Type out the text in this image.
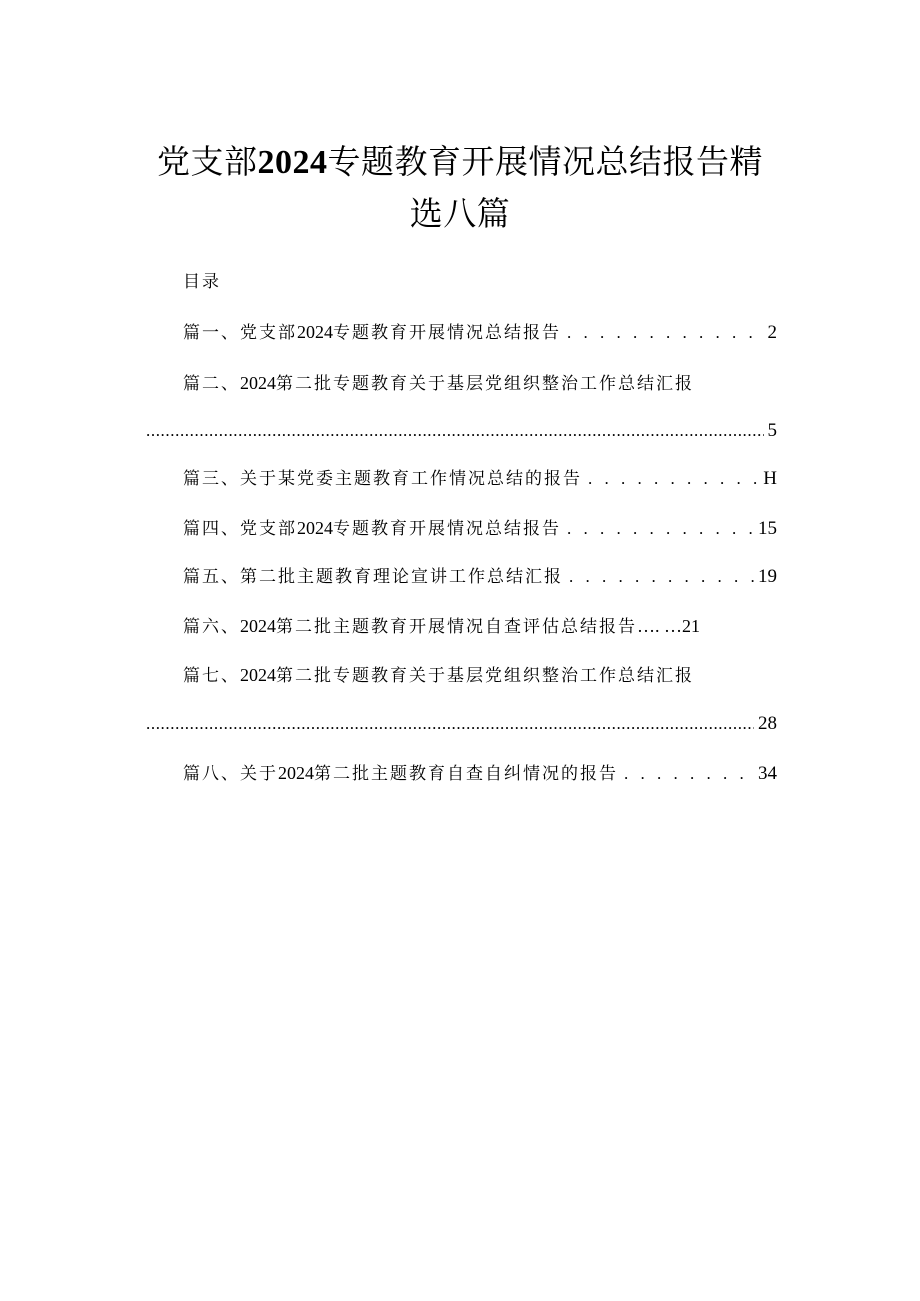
党支部2024专题教育开展情况总结报告精
选八篇
目录
篇一、党支部2024专题教育开展情况总结报告 . . .	2
篇二、2024第二批专题教育关于基层党组织整治工作总结汇报
.....
5
篇三、关于某党委主题教育工作情况总结的报告 . . .	H
篇四、党支部2024专题教育开展情况总结报告 . . .	15
篇五、第二批主题教育理论宣讲工作总结汇报 . . .	19
篇六、2024第二批主题教育开展情况自查评估总结报告…. …21
篇七、2024第二批专题教育关于基层党组织整治工作总结汇报
.....
28
篇八、关于2024第二批主题教育自查自纠情况的报告 . . .	34
